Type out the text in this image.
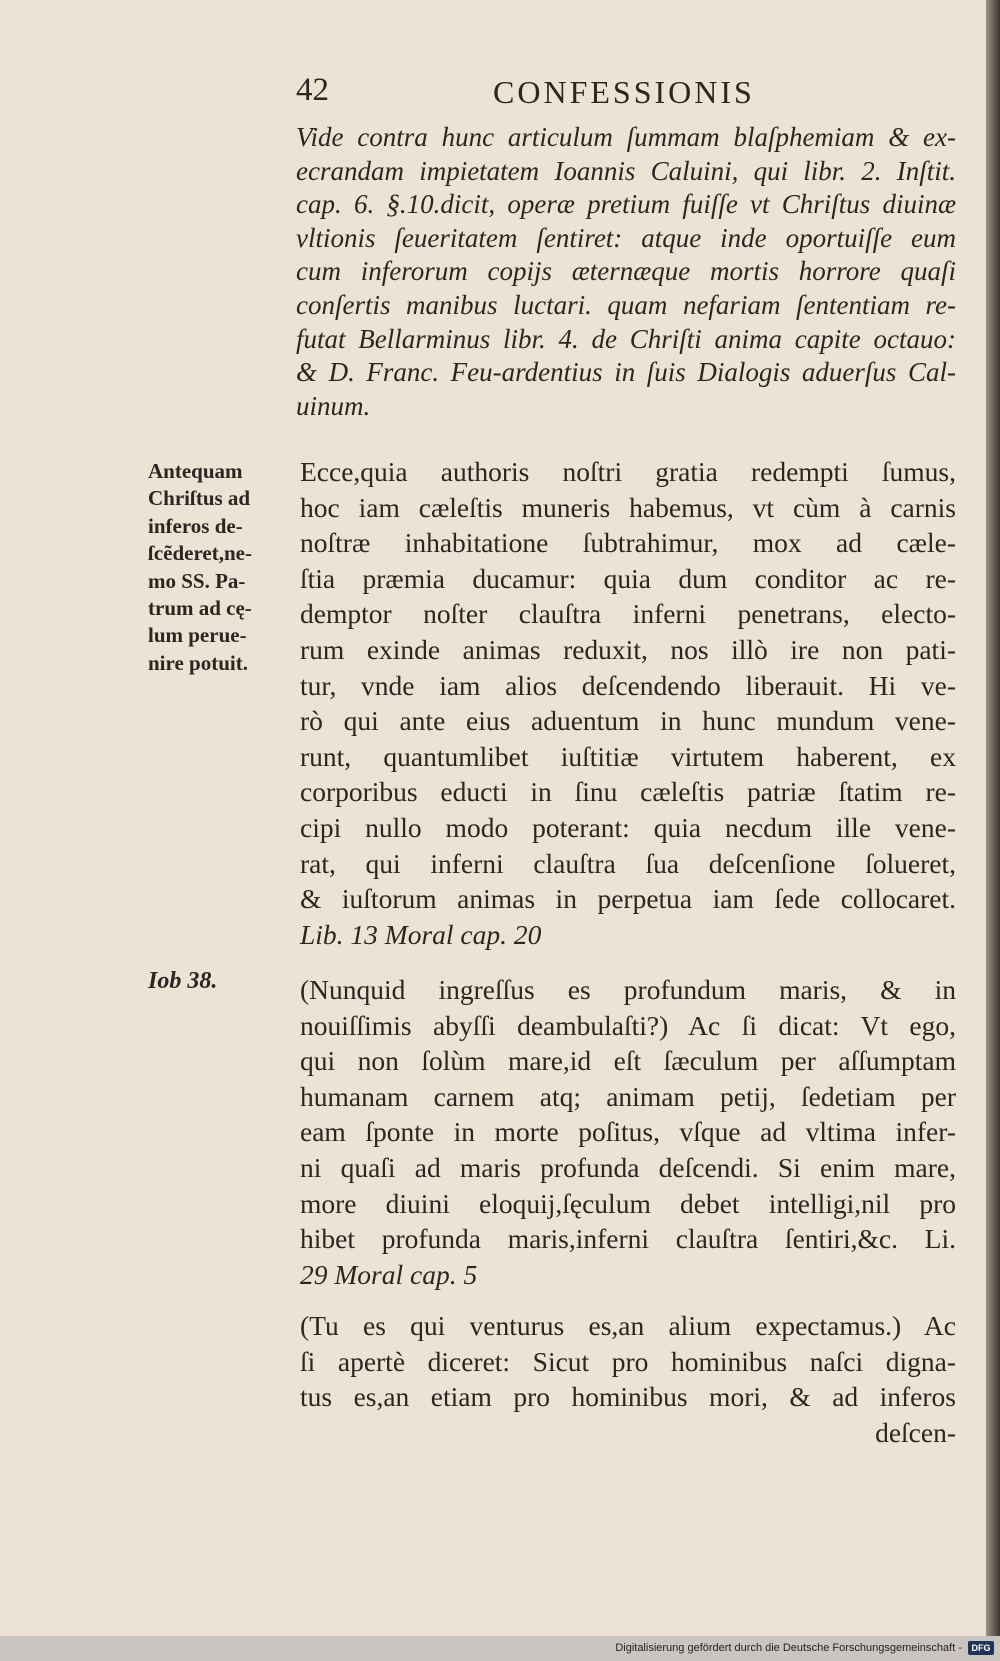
42	CONFESSIONIS
Vide contra hunc articulum ſummam blaſphemiam & ex-
ecrandam impietatem Ioannis Caluini, qui libr. 2. Inſtit.
cap. 6. §.10.dicit, operæ pretium fuiſſe vt Chriſtus diuinæ
vltionis ſeueritatem ſentiret: atque inde oportuiſſe eum
cum inferorum copijs æternæque mortis horrore quaſi
conſertis manibus luctari. quam nefariam ſententiam re-
futat Bellarminus libr. 4. de Chriſti anima capite octauo:
& D. Franc. Feu-ardentius in ſuis Dialogis aduerſus Cal-
uinum.
Antequam
Chriſtus ad
inferos de-
ſcẽderet,ne-
mo SS. Pa-
trum ad cę-
lum perue-
nire potuit.
Ecce,quia authoris noſtri gratia redempti ſumus,
hoc iam cæleſtis muneris habemus, vt cùm à carnis
noſtræ inhabitatione ſubtrahimur, mox ad cæle-
ſtia præmia ducamur: quia dum conditor ac re-
demptor noſter clauſtra inferni penetrans, electo-
rum exinde animas reduxit, nos illò ire non pati-
tur, vnde iam alios deſcendendo liberauit. Hi ve-
rò qui ante eius aduentum in hunc mundum vene-
runt, quantumlibet iuſtitiæ virtutem haberent, ex
corporibus educti in ſinu cæleſtis patriæ ſtatim re-
cipi nullo modo poterant: quia necdum ille vene-
rat, qui inferni clauſtra ſua deſcenſione ſolueret,
& iuſtorum animas in perpetua iam ſede collocaret.
Lib. 13 Moral cap. 20
Iob 38.	(Nunquid ingreſſus es profundum maris, & in
nouiſſimis abyſſi deambulaſti?) Ac ſi dicat: Vt ego,
qui non ſolùm mare,id eſt ſæculum per aſſumptam
humanam carnem atq; animam petij, ſedetiam per
eam ſponte in morte poſitus, vſque ad vltima infer-
ni quaſi ad maris profunda deſcendi. Si enim mare,
more diuini eloquij,ſęculum debet intelligi,nil pro
hibet profunda maris,inferni clauſtra ſentiri,&c. Li.
29 Moral cap. 5
(Tu es qui venturus es,an alium expectamus.) Ac
ſi apertè diceret: Sicut pro hominibus naſci digna-
tus es,an etiam pro hominibus mori, & ad inferos
deſcen-
Digitalisierung gefördert durch die Deutsche Forschungsgemeinschaft -	DFG
